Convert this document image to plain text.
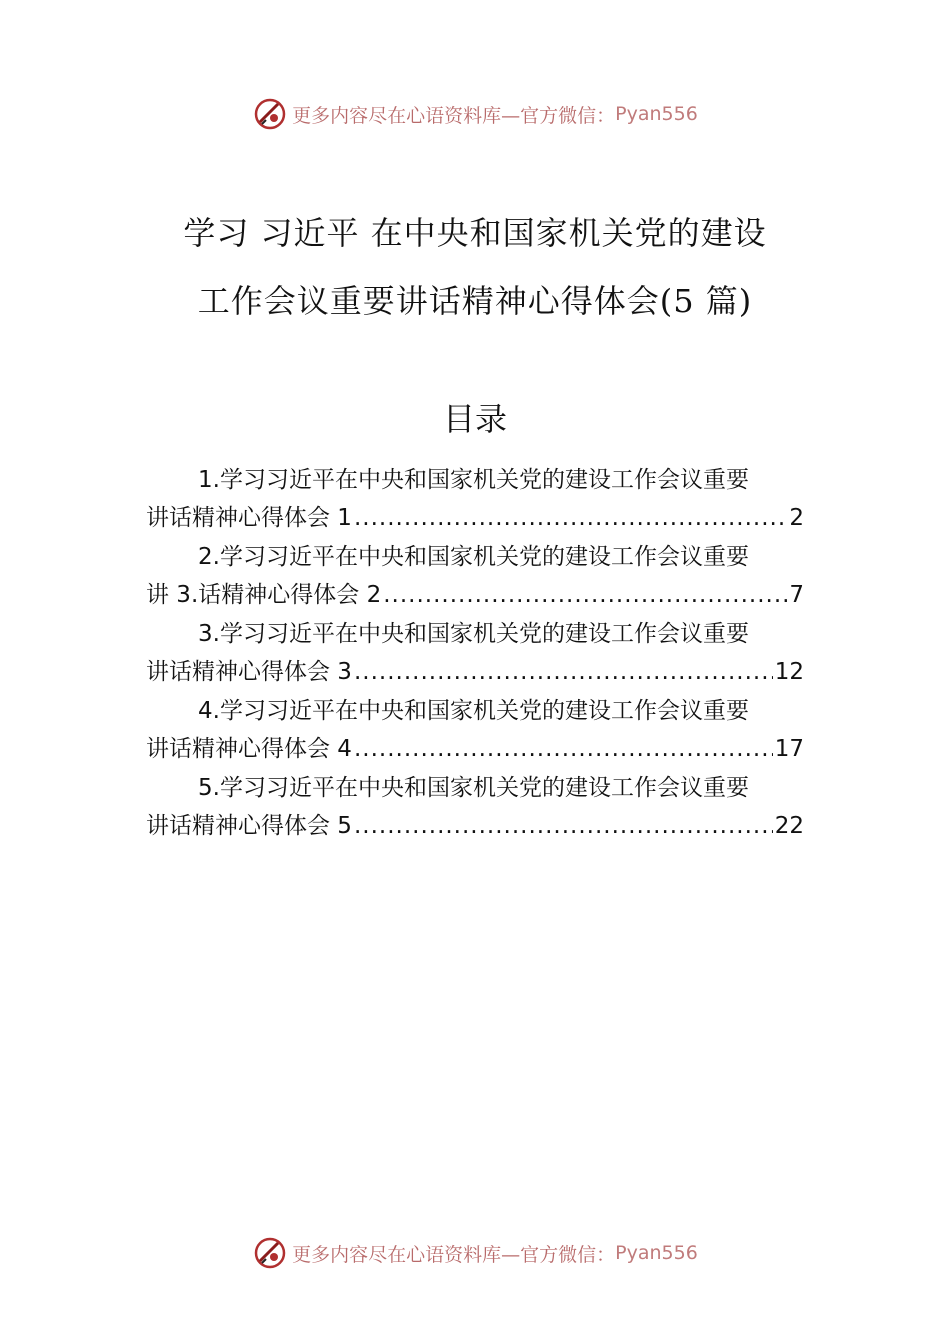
更多内容尽在心语资料库—官方微信： Pyan556
学习 习近平 在中央和国家机关党的建设
工作会议重要讲话精神心得体会(5 篇)
目录
1.学习习近平在中央和国家机关党的建设工作会议重要
讲话精神心得体会 1 .....	2
2.学习习近平在中央和国家机关党的建设工作会议重要
讲 3.话精神心得体会 2 .....	7
3.学习习近平在中央和国家机关党的建设工作会议重要
讲话精神心得体会 3 .....	12
4.学习习近平在中央和国家机关党的建设工作会议重要
讲话精神心得体会 4 .....	17
5.学习习近平在中央和国家机关党的建设工作会议重要
讲话精神心得体会 5 .....	22
更多内容尽在心语资料库—官方微信： Pyan556
